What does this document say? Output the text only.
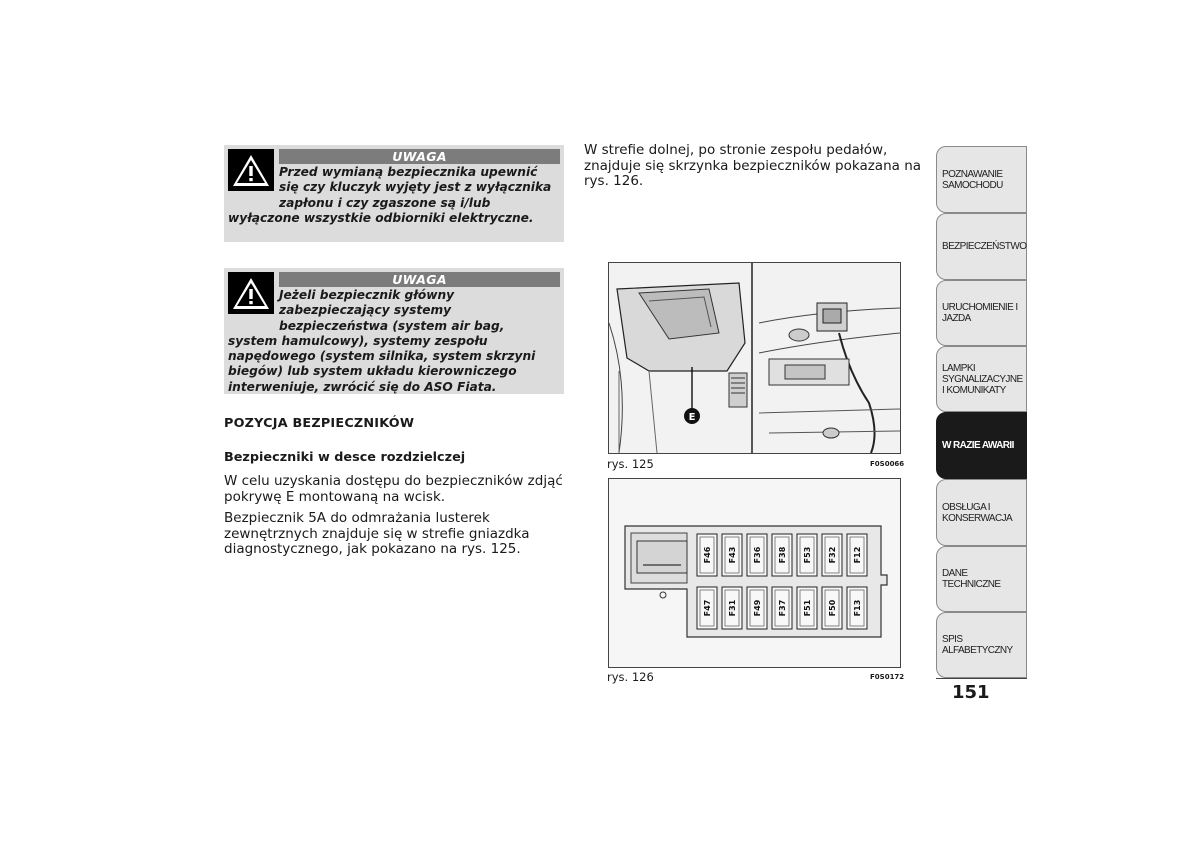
UWAGA
Przed wymianą bezpiecznika upewnić się czy kluczyk wyjęty jest z wyłącznika zapłonu i czy zgaszone są i/lub wyłączone wszystkie odbiorniki elektryczne.
UWAGA
Jeżeli bezpiecznik główny zabezpieczający systemy bezpieczeństwa (system air bag, system hamulcowy), systemy zespołu napędowego (system silnika, system skrzyni biegów) lub system układu kierowniczego interweniuje, zwrócić się do ASO Fiata.
POZYCJA BEZPIECZNIKÓW
Bezpieczniki w desce rozdzielczej
W celu uzyskania dostępu do bezpieczników zdjąć pokrywę E montowaną na wcisk.
Bezpiecznik 5A do odmrażania lusterek zewnętrznych znajduje się w strefie gniazdka diagnostycznego, jak pokazano na rys. 125.
W strefie dolnej, po stronie zespołu pedałów, znajduje się skrzynka bezpieczników pokazana na rys. 126.
E
rys. 125	F0S0066
F46 F43 F36 F38 F53 F32 F12
F47 F31 F49 F37 F51 F50 F13
rys. 126	F0S0172
POZNAWANIE SAMOCHODU
BEZPIECZEŃSTWO
URUCHOMIENIE I JAZDA
LAMPKI SYGNALIZACYJNE I KOMUNIKATY
W RAZIE AWARII
OBSŁUGA I KONSERWACJA
DANE TECHNICZNE
SPIS ALFABETYCZNY
151
